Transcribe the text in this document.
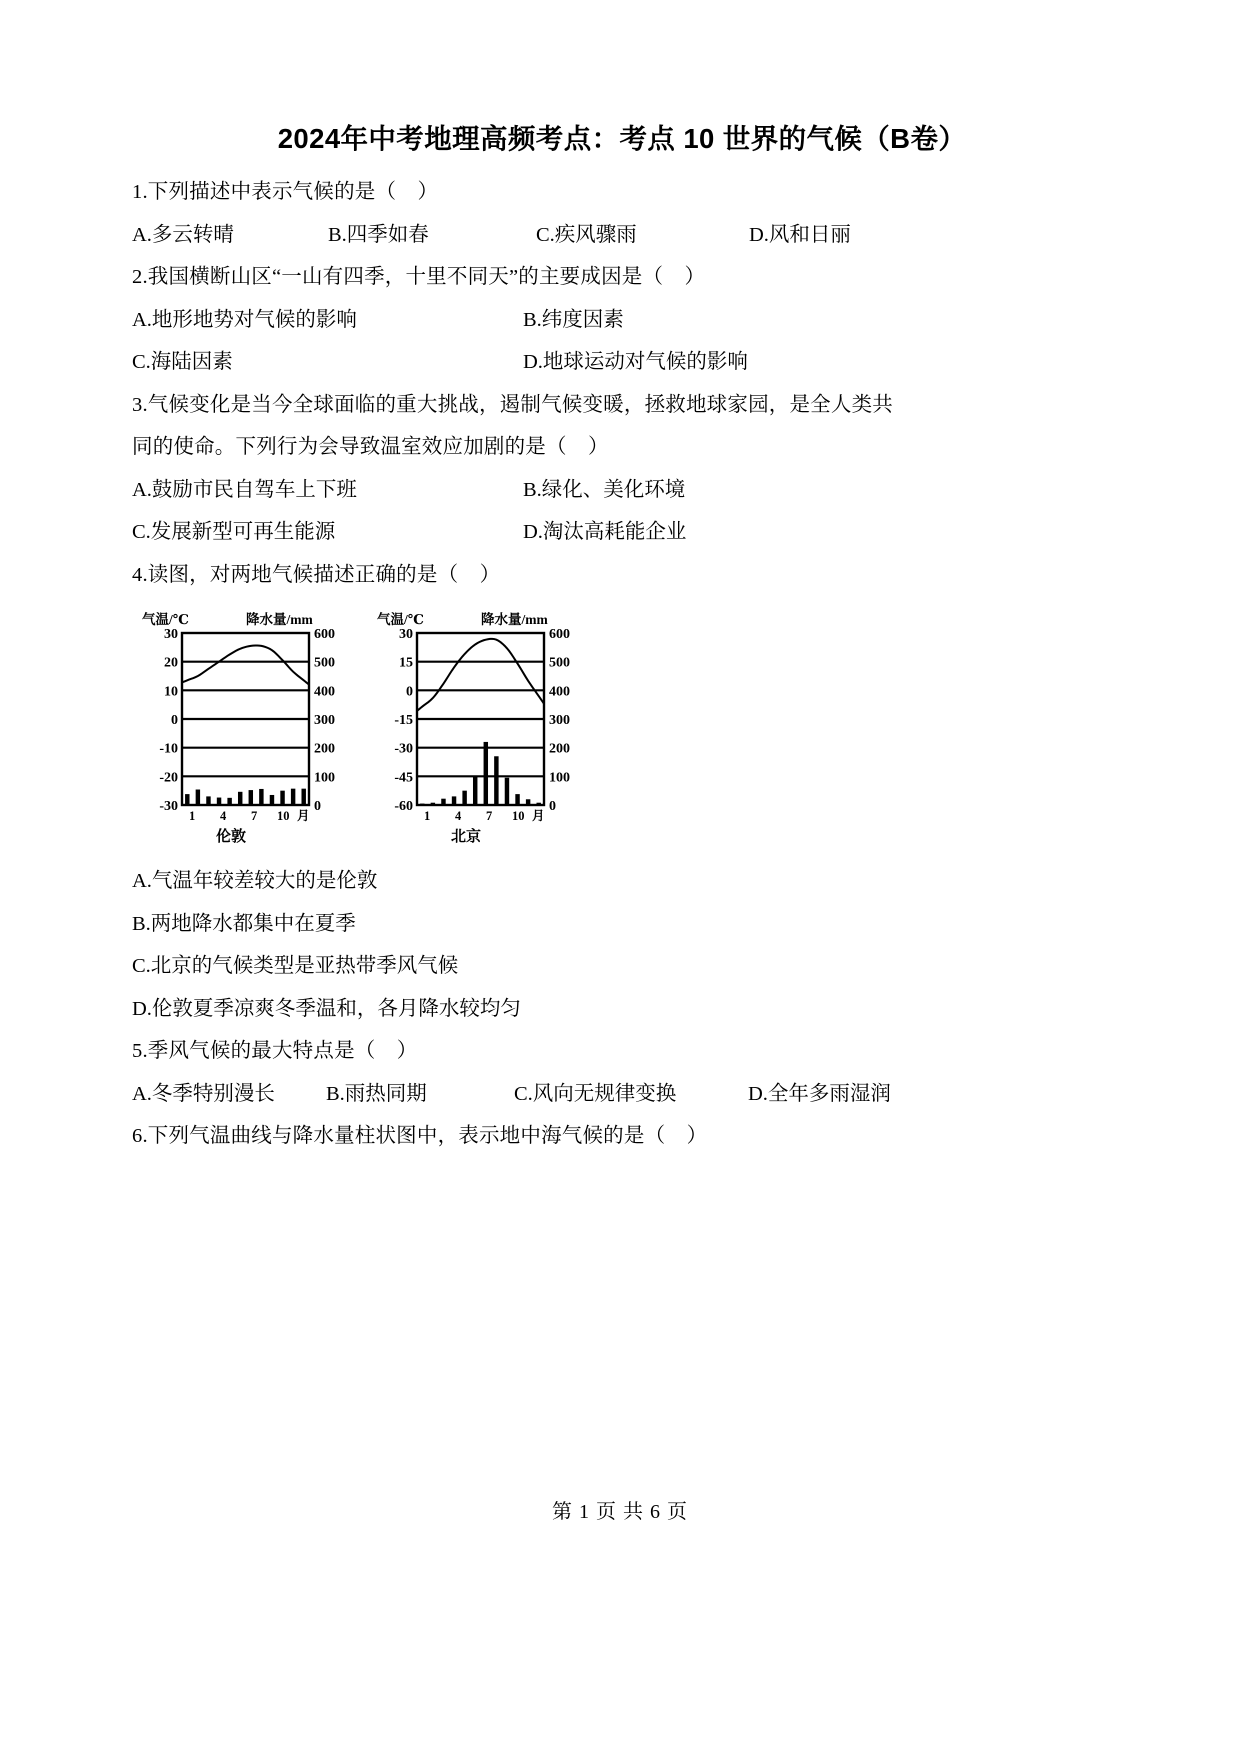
2024年中考地理高频考点：考点 10 世界的气候（B卷）

1.下列描述中表示气候的是（    ）

A.多云转晴	B.四季如春	C.疾风骤雨	D.风和日丽

2.我国横断山区“一山有四季，十里不同天”的主要成因是（    ）

A.地形地势对气候的影响	B.纬度因素

C.海陆因素	D.地球运动对气候的影响

3.气候变化是当今全球面临的重大挑战，遏制气候变暖，拯救地球家园，是全人类共

同的使命。下列行为会导致温室效应加剧的是（    ）

A.鼓励市民自驾车上下班	B.绿化、美化环境

C.发展新型可再生能源	D.淘汰高耗能企业

4.读图，对两地气候描述正确的是（    ）

气温/℃	降水量/mm
30
20
10
0
-10
-20
-30
600
500
400
300
200
100
0
1 4 7 10 月
伦敦
气温/℃	降水量/mm
30
15
0
-15
-30
-45
-60
600
500
400
300
200
100
0
1 4 7 10 月
北京

A.气温年较差较大的是伦敦

B.两地降水都集中在夏季

C.北京的气候类型是亚热带季风气候

D.伦敦夏季凉爽冬季温和，各月降水较均匀

5.季风气候的最大特点是（    ）

A.冬季特别漫长 B.雨热同期	C.风向无规律变换	D.全年多雨湿润

6.下列气温曲线与降水量柱状图中，表示地中海气候的是（    ）

第 1 页 共 6 页
